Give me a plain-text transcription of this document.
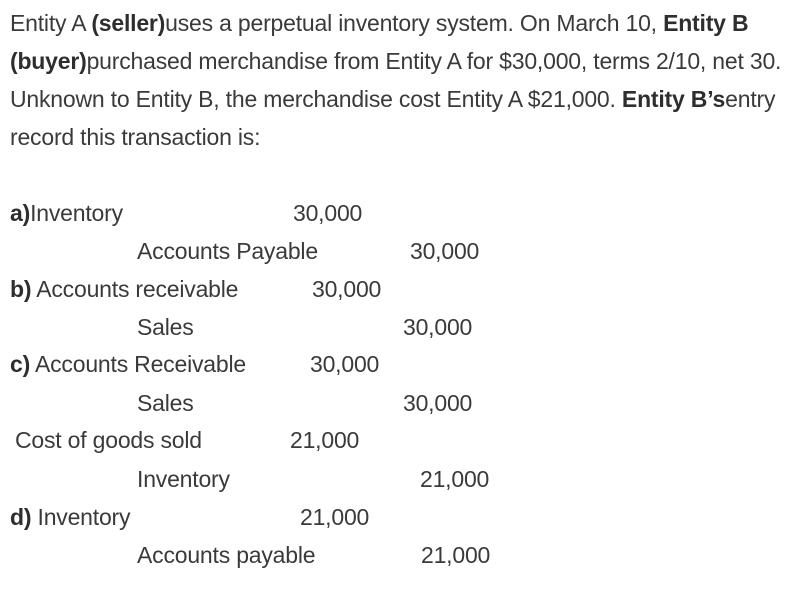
Entity A (seller)uses a perpetual inventory system. On March 10, Entity B (buyer)purchased merchandise from Entity A for $30,000, terms 2/10, net 30. Unknown to Entity B, the merchandise cost Entity A $21,000. Entity B’sentry record this transaction is:
a)Inventory	30,000
Accounts Payable	30,000
b) Accounts receivable	30,000
Sales	30,000
c) Accounts Receivable	30,000
Sales	30,000
Cost of goods sold	21,000
Inventory	21,000
d) Inventory	21,000
Accounts payable	21,000
